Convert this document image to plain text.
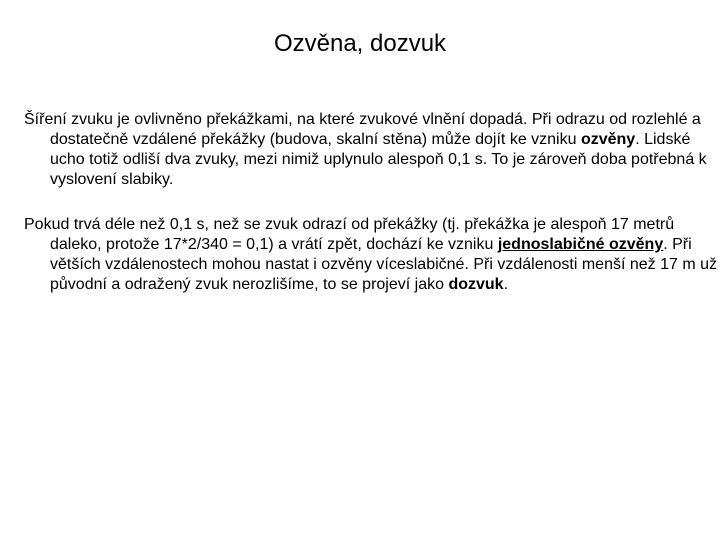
Ozvěna, dozvuk

Šíření zvuku je ovlivněno překážkami, na které zvukové vlnění dopadá. Při odrazu od rozlehlé a dostatečně vzdálené překážky (budova, skalní stěna) může dojít ke vzniku ozvěny. Lidské ucho totiž odliší dva zvuky, mezi nimiž uplynulo alespoň 0,1 s. To je zároveň doba potřebná k vyslovení slabiky.

Pokud trvá déle než 0,1 s, než se zvuk odrazí od překážky (tj. překážka je alespoň 17 metrů daleko, protože 17*2/340 = 0,1) a vrátí zpět, dochází ke vzniku jednoslabičné ozvěny. Při větších vzdálenostech mohou nastat i ozvěny víceslabičné. Při vzdálenosti menší než 17 m už původní a odražený zvuk nerozlišíme, to se projeví jako dozvuk.
